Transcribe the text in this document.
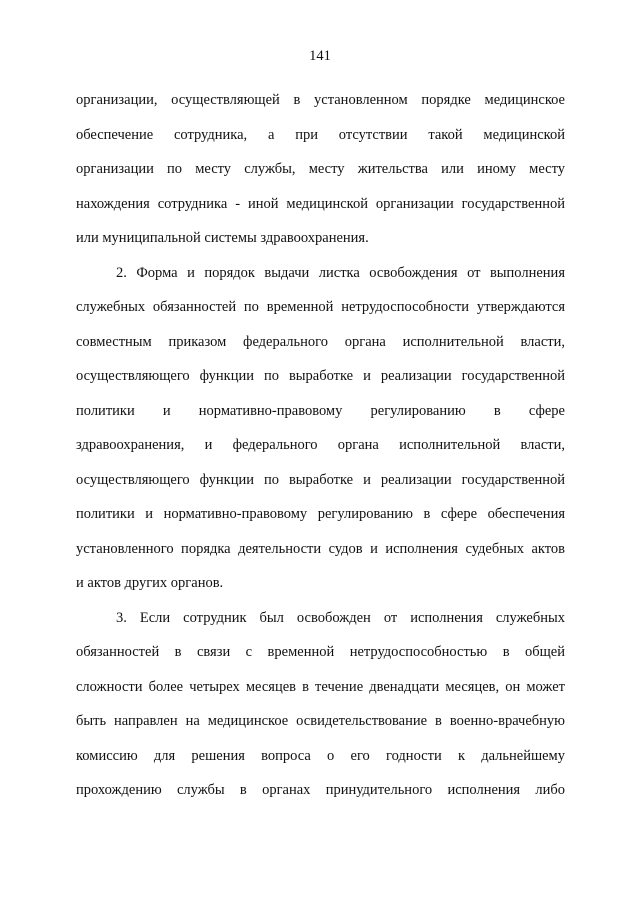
141

организации, осуществляющей в установленном порядке медицинское

обеспечение сотрудника, а при отсутствии такой медицинской

организации по месту службы, месту жительства или иному месту

нахождения сотрудника - иной медицинской организации государственной

или муниципальной системы здравоохранения.

2. Форма и порядок выдачи листка освобождения от выполнения

служебных обязанностей по временной нетрудоспособности утверждаются

совместным приказом федерального органа исполнительной власти,

осуществляющего функции по выработке и реализации государственной

политики и нормативно-правовому регулированию в сфере

здравоохранения, и федерального органа исполнительной власти,

осуществляющего функции по выработке и реализации государственной

политики и нормативно-правовому регулированию в сфере обеспечения

установленного порядка деятельности судов и исполнения судебных актов

и актов других органов.

3. Если сотрудник был освобожден от исполнения служебных

обязанностей в связи с временной нетрудоспособностью в общей

сложности более четырех месяцев в течение двенадцати месяцев, он может

быть направлен на медицинское освидетельствование в военно-врачебную

комиссию для решения вопроса о его годности к дальнейшему

прохождению службы в органах принудительного исполнения либо
